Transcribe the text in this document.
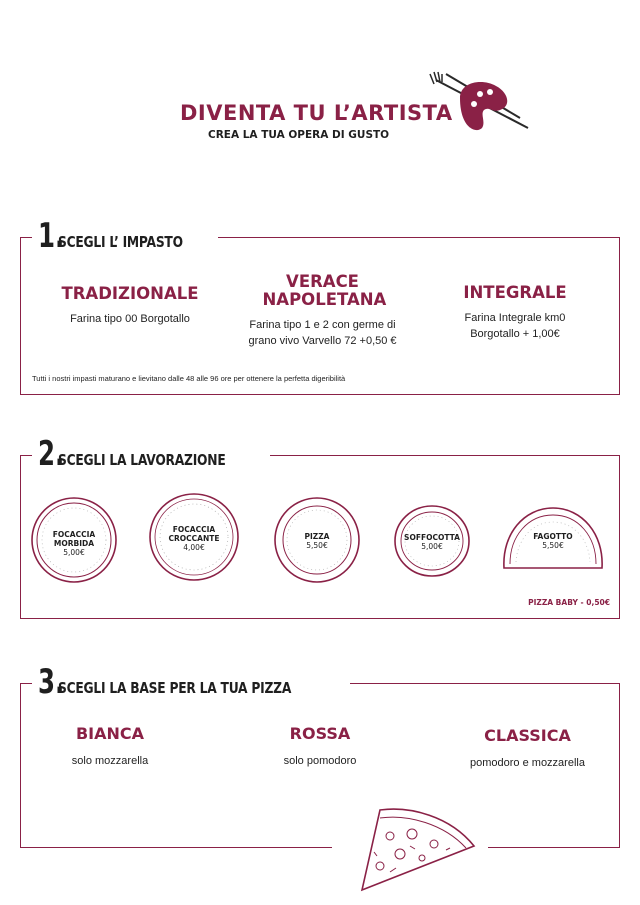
DIVENTA TU L’ARTISTA
CREA LA TUA OPERA DI GUSTO
1.
SCEGLI L’ IMPASTO
TRADIZIONALE
Farina tipo 00 Borgotallo
VERACE NAPOLETANA
Farina tipo 1 e 2 con germe di grano vivo Varvello 72 +0,50 €
INTEGRALE
Farina Integrale km0 Borgotallo + 1,00€
Tutti i nostri impasti maturano e lievitano dalle 48 alle 96 ore per ottenere la perfetta digeribilità
2.
SCEGLI LA LAVORAZIONE
FOCACCIA MORBIDA
5,00€
FOCACCIA CROCCANTE
4,00€
PIZZA
5,50€
SOFFOCOTTA
5,00€
FAGOTTO
5,50€
PIZZA BABY - 0,50€
3.
SCEGLI LA BASE PER LA TUA PIZZA
BIANCA
solo mozzarella
ROSSA
solo pomodoro
CLASSICA
pomodoro e mozzarella
